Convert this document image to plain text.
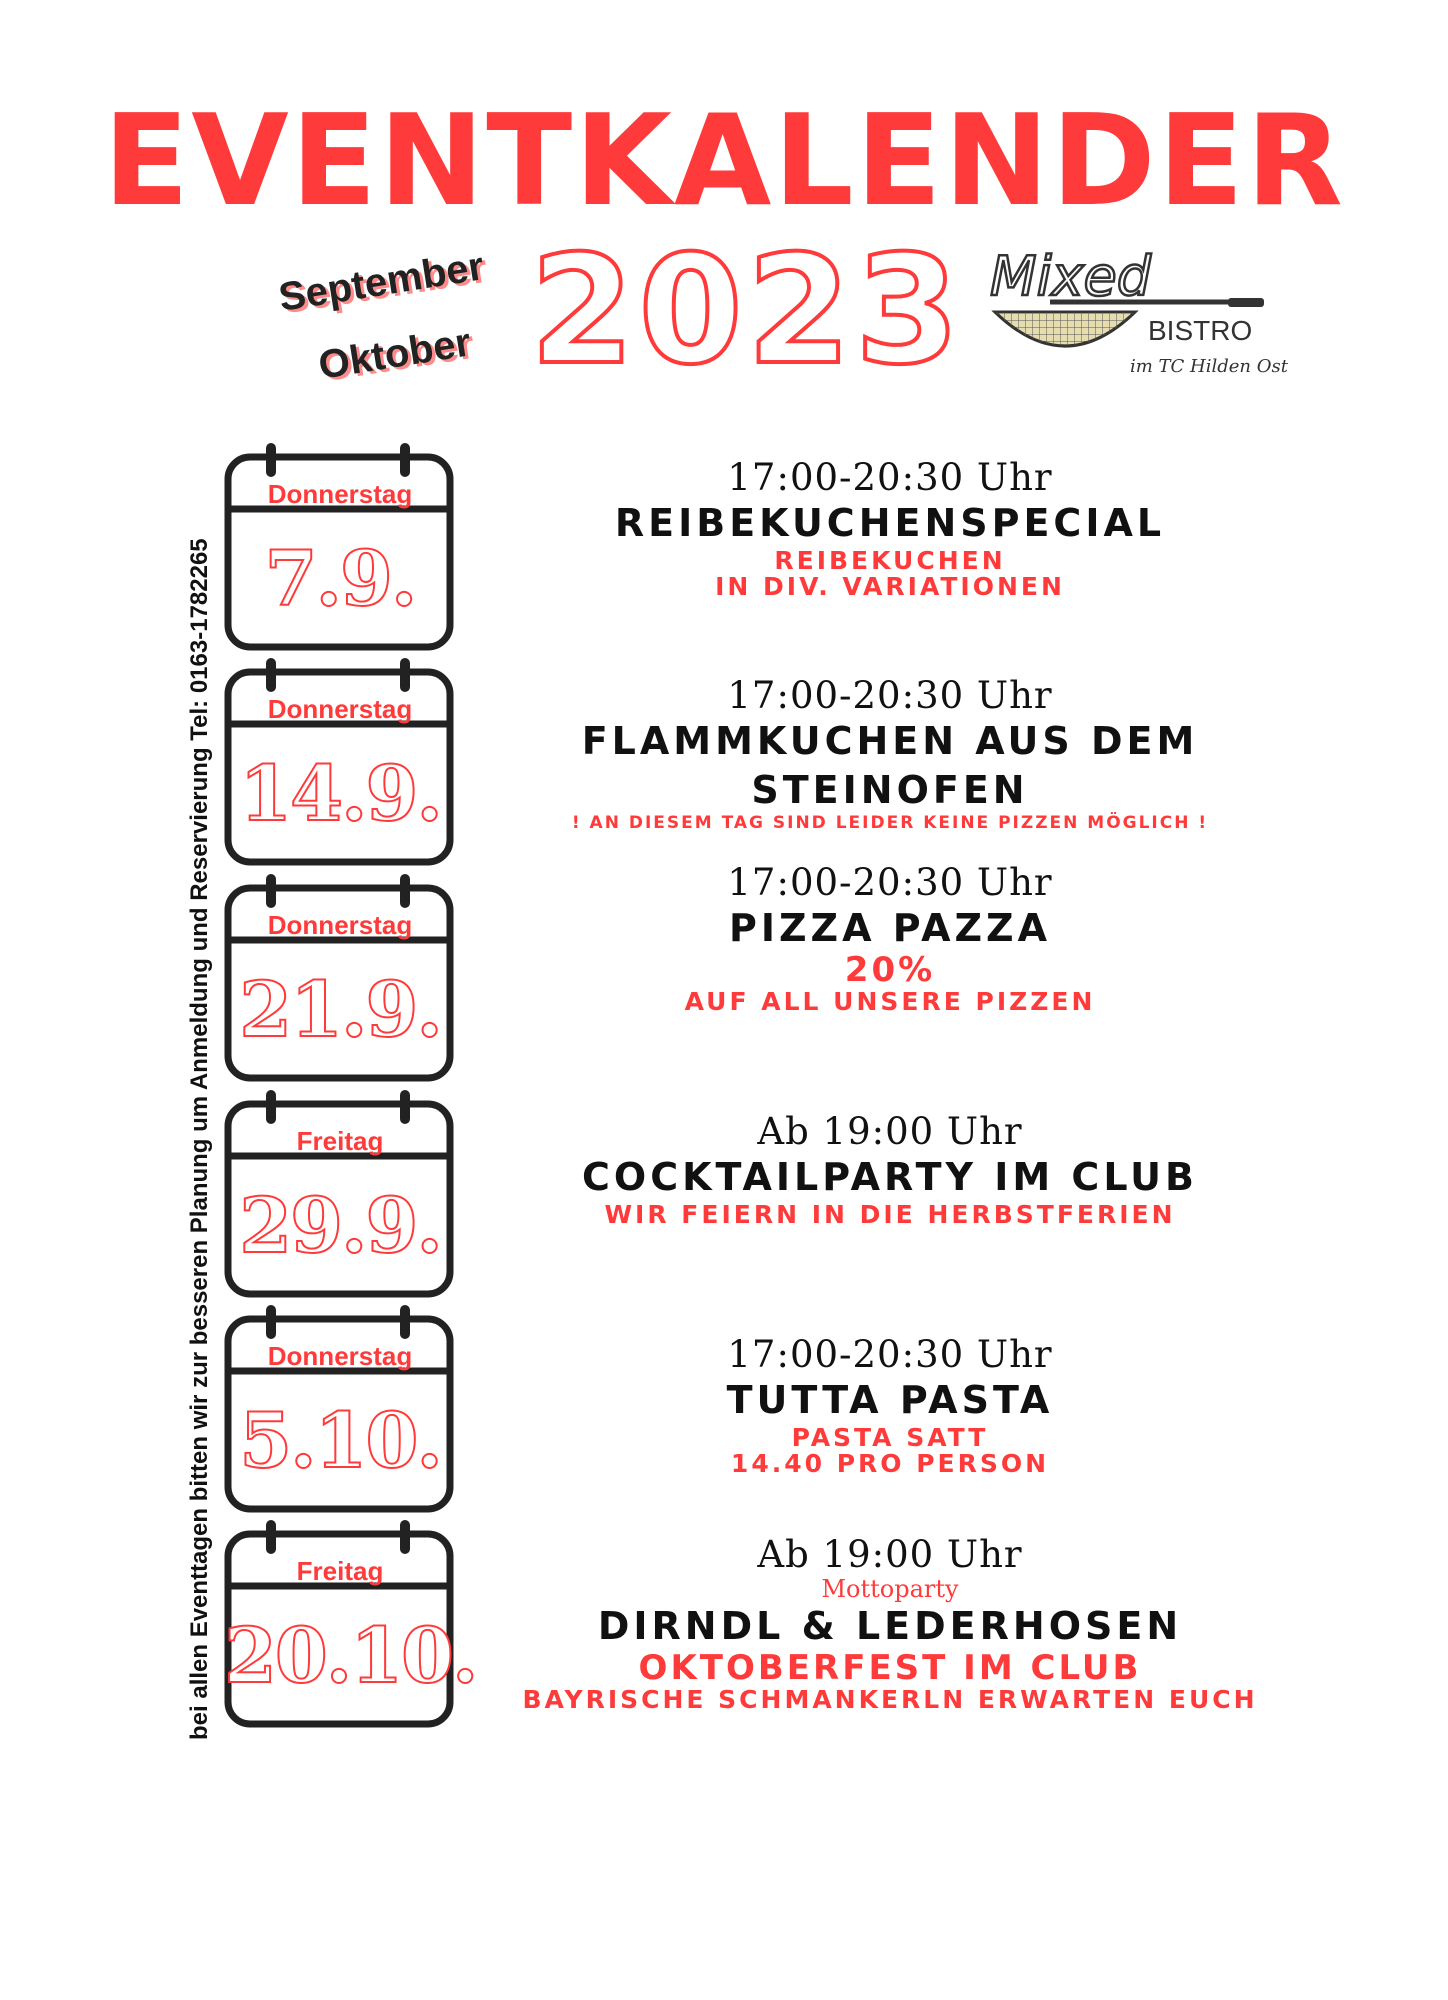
EVENTKALENDER
September
Oktober 2023 Mixed
BISTRO
im TC Hilden Ost
bei allen Eventtagen bitten wir zur besseren Planung um Anmeldung und Reservierung Tel: 0163-1782265
Donnerstag
7.9.
Donnerstag
14.9.
Donnerstag
21.9.
Freitag
29.9.
Donnerstag
5.10.
Freitag
20.10.
17:00-20:30 Uhr
REIBEKUCHENSPECIAL
REIBEKUCHEN
IN DIV. VARIATIONEN
17:00-20:30 Uhr
FLAMMKUCHEN AUS DEM STEINOFEN
! AN DIESEM TAG SIND LEIDER KEINE PIZZEN MÖGLICH !
17:00-20:30 Uhr
PIZZA PAZZA
20%
AUF ALL UNSERE PIZZEN
Ab 19:00 Uhr
COCKTAILPARTY IM CLUB
WIR FEIERN IN DIE HERBSTFERIEN
17:00-20:30 Uhr
TUTTA PASTA
PASTA SATT
14.40 PRO PERSON
Ab 19:00 Uhr
Mottoparty
DIRNDL & LEDERHOSEN
OKTOBERFEST IM CLUB
BAYRISCHE SCHMANKERLN ERWARTEN EUCH
